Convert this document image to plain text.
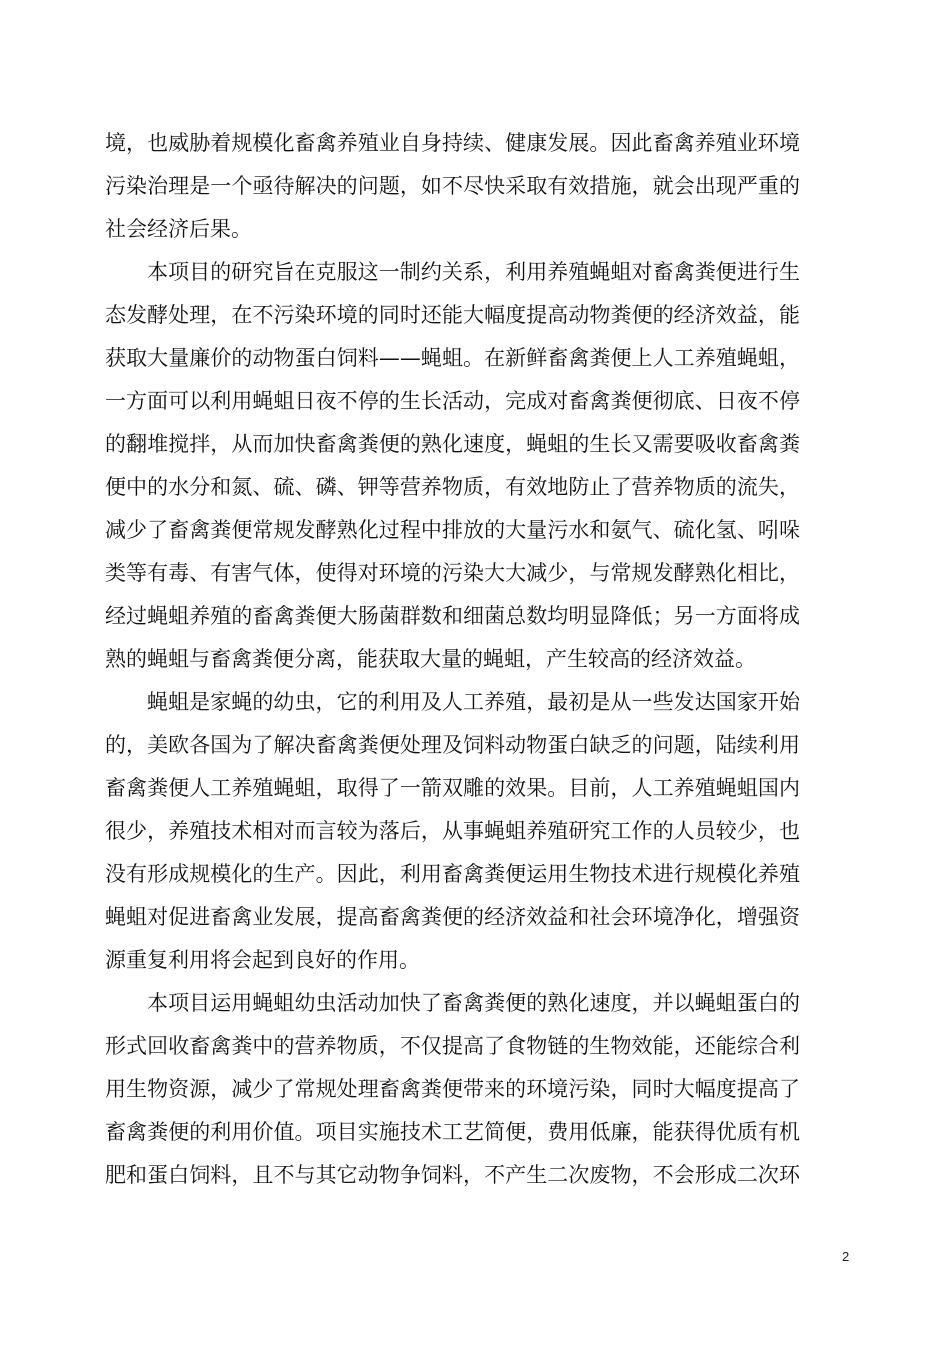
境，也威胁着规模化畜禽养殖业自身持续、健康发展。因此畜禽养殖业环境
污染治理是一个亟待解决的问题，如不尽快采取有效措施，就会出现严重的
社会经济后果。
本项目的研究旨在克服这一制约关系，利用养殖蝇蛆对畜禽粪便进行生
态发酵处理，在不污染环境的同时还能大幅度提高动物粪便的经济效益，能
获取大量廉价的动物蛋白饲料——蝇蛆。在新鲜畜禽粪便上人工养殖蝇蛆，
一方面可以利用蝇蛆日夜不停的生长活动，完成对畜禽粪便彻底、日夜不停
的翻堆搅拌，从而加快畜禽粪便的熟化速度，蝇蛆的生长又需要吸收畜禽粪
便中的水分和氮、硫、磷、钾等营养物质，有效地防止了营养物质的流失，
减少了畜禽粪便常规发酵熟化过程中排放的大量污水和氨气、硫化氢、吲哚
类等有毒、有害气体，使得对环境的污染大大减少，与常规发酵熟化相比，
经过蝇蛆养殖的畜禽粪便大肠菌群数和细菌总数均明显降低；另一方面将成
熟的蝇蛆与畜禽粪便分离，能获取大量的蝇蛆，产生较高的经济效益。
蝇蛆是家蝇的幼虫，它的利用及人工养殖，最初是从一些发达国家开始
的，美欧各国为了解决畜禽粪便处理及饲料动物蛋白缺乏的问题，陆续利用
畜禽粪便人工养殖蝇蛆，取得了一箭双雕的效果。目前，人工养殖蝇蛆国内
很少，养殖技术相对而言较为落后，从事蝇蛆养殖研究工作的人员较少，也
没有形成规模化的生产。因此，利用畜禽粪便运用生物技术进行规模化养殖
蝇蛆对促进畜禽业发展，提高畜禽粪便的经济效益和社会环境净化，增强资
源重复利用将会起到良好的作用。
本项目运用蝇蛆幼虫活动加快了畜禽粪便的熟化速度，并以蝇蛆蛋白的
形式回收畜禽粪中的营养物质，不仅提高了食物链的生物效能，还能综合利
用生物资源，减少了常规处理畜禽粪便带来的环境污染，同时大幅度提高了
畜禽粪便的利用价值。项目实施技术工艺简便，费用低廉，能获得优质有机
肥和蛋白饲料，且不与其它动物争饲料，不产生二次废物，不会形成二次环
2
